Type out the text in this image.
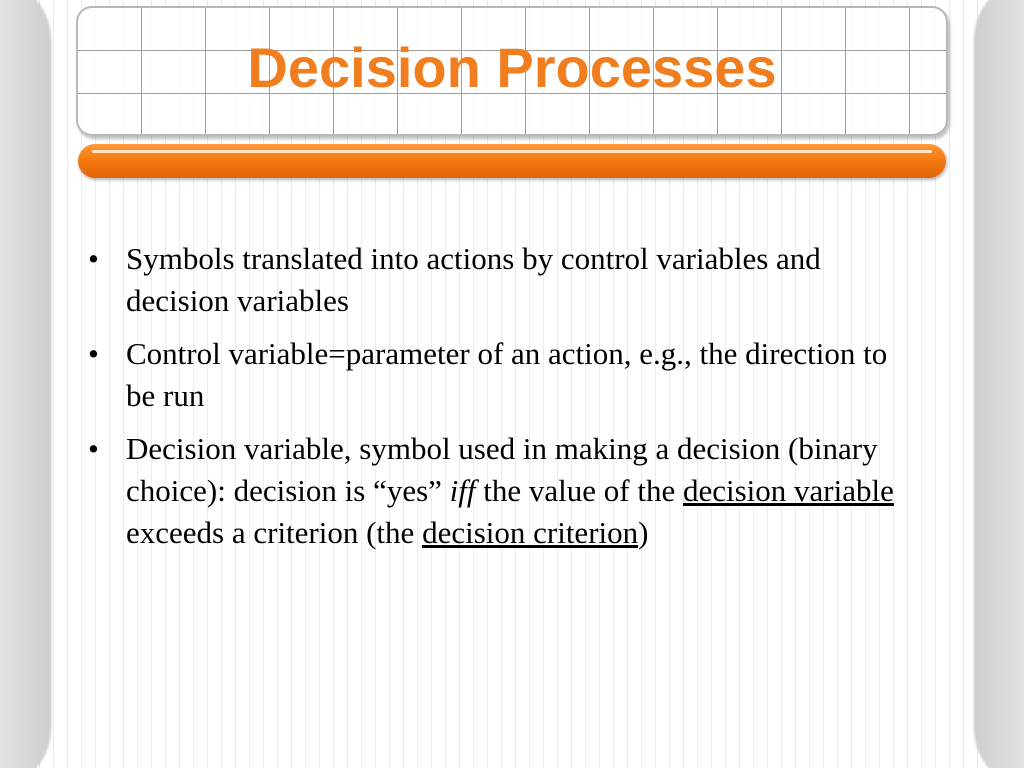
Decision Processes
• Symbols translated into actions by control variables and decision variables
• Control variable=parameter of an action, e.g., the direction to be run
• Decision variable, symbol used in making a decision (binary choice): decision is “yes” iff the value of the decision variable exceeds a criterion (the decision criterion)
